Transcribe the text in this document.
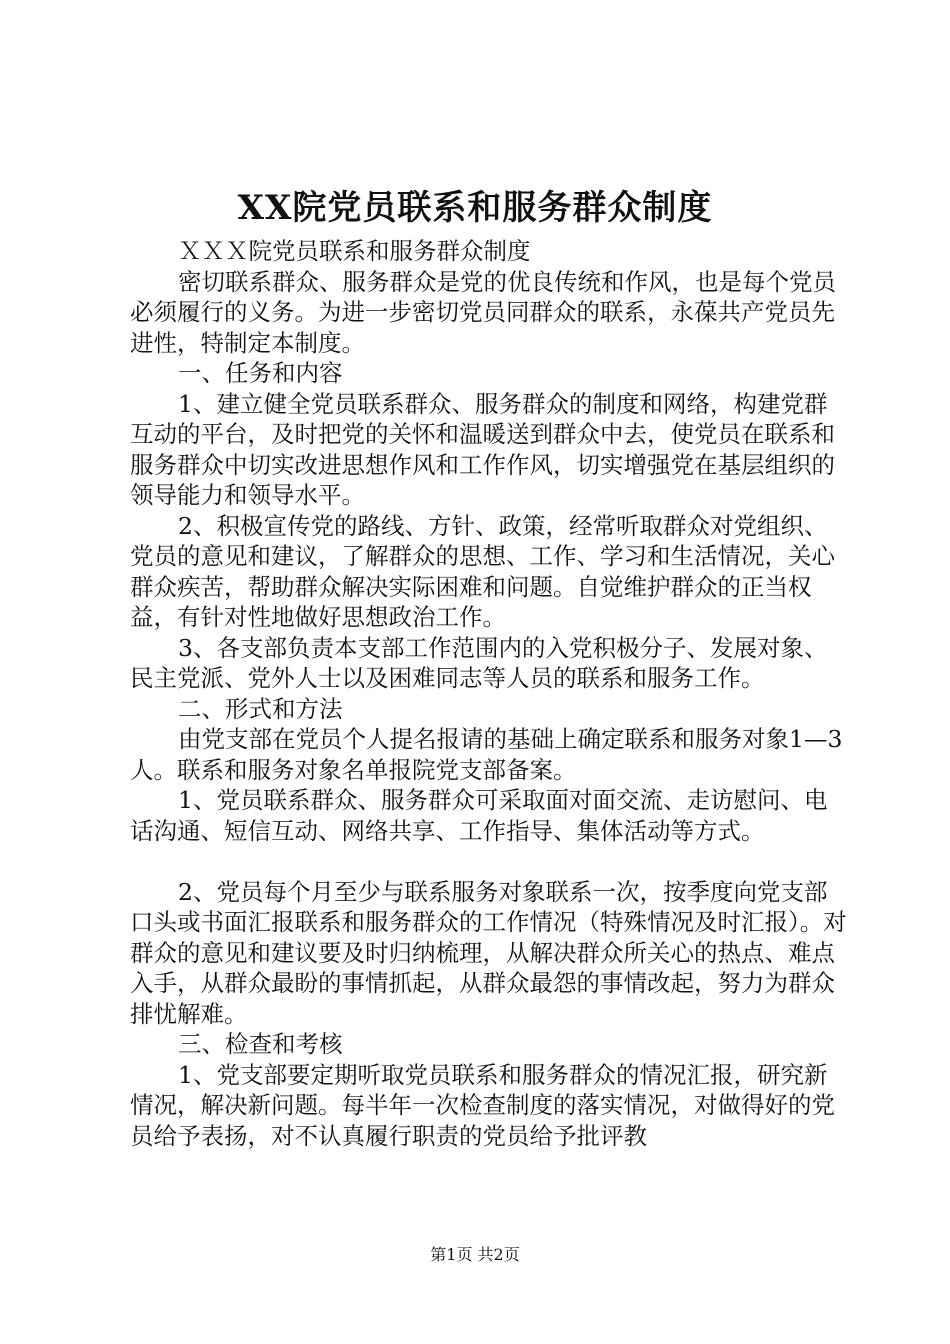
XX院党员联系和服务群众制度

ＸＸＸ院党员联系和服务群众制度

密切联系群众、服务群众是党的优良传统和作风，也是每个党员必须履行的义务。为进一步密切党员同群众的联系，永葆共产党员先进性，特制定本制度。

一、任务和内容

1、建立健全党员联系群众、服务群众的制度和网络，构建党群互动的平台，及时把党的关怀和温暖送到群众中去，使党员在联系和服务群众中切实改进思想作风和工作作风，切实增强党在基层组织的领导能力和领导水平。

2、积极宣传党的路线、方针、政策，经常听取群众对党组织、党员的意见和建议，了解群众的思想、工作、学习和生活情况，关心群众疾苦，帮助群众解决实际困难和问题。自觉维护群众的正当权益，有针对性地做好思想政治工作。

3、各支部负责本支部工作范围内的入党积极分子、发展对象、民主党派、党外人士以及困难同志等人员的联系和服务工作。

二、形式和方法

由党支部在党员个人提名报请的基础上确定联系和服务对象1—3人。联系和服务对象名单报院党支部备案。

1、党员联系群众、服务群众可采取面对面交流、走访慰问、电话沟通、短信互动、网络共享、工作指导、集体活动等方式。

2、党员每个月至少与联系服务对象联系一次，按季度向党支部口头或书面汇报联系和服务群众的工作情况（特殊情况及时汇报）。对群众的意见和建议要及时归纳梳理，从解决群众所关心的热点、难点入手，从群众最盼的事情抓起，从群众最怨的事情改起，努力为群众排忧解难。

三、检查和考核

1、党支部要定期听取党员联系和服务群众的情况汇报，研究新情况，解决新问题。每半年一次检查制度的落实情况，对做得好的党员给予表扬，对不认真履行职责的党员给予批评教

第1页 共2页
